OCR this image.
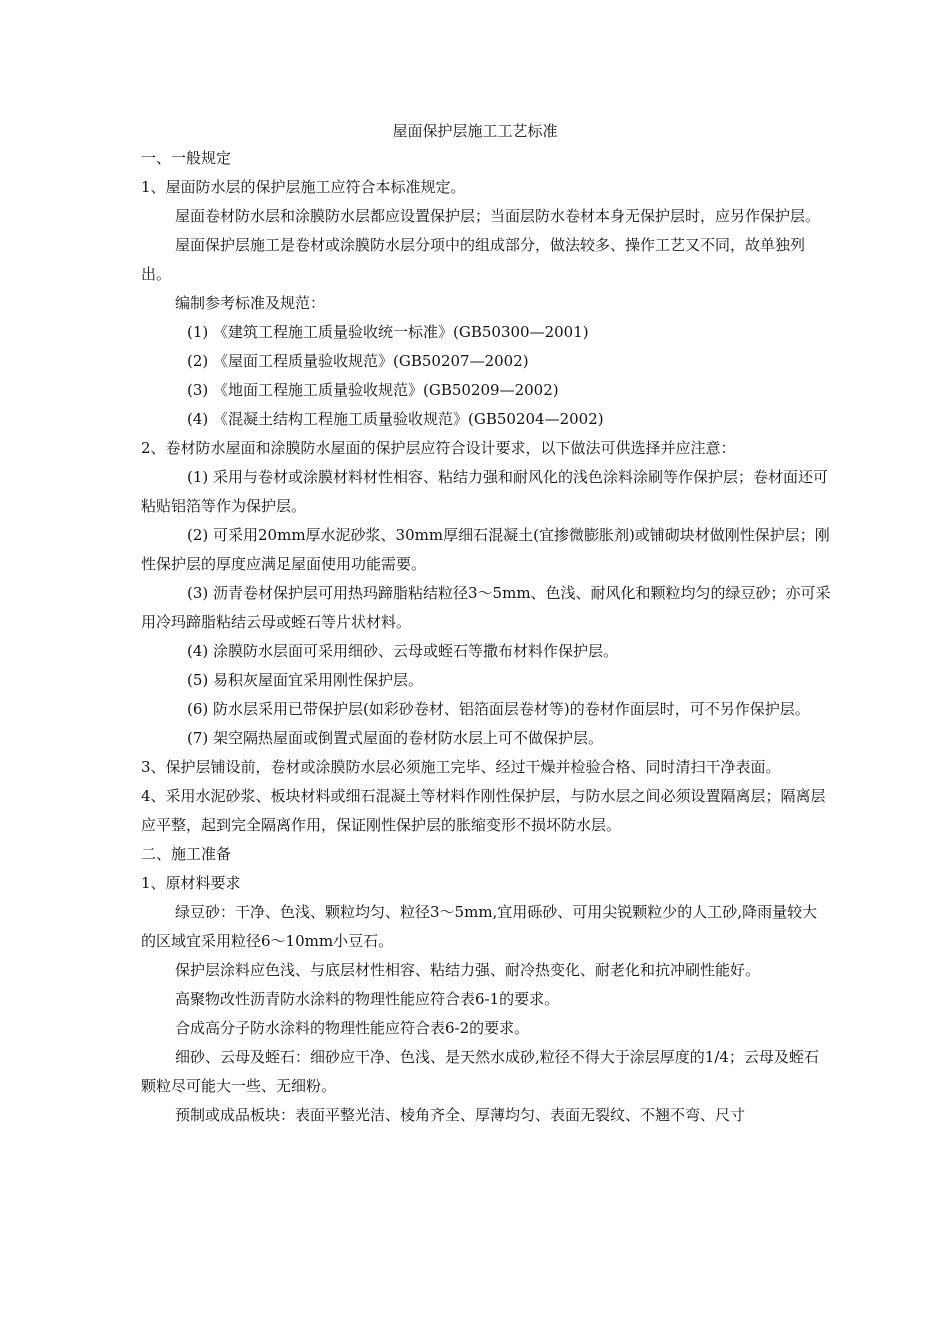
屋面保护层施工工艺标准

一、一般规定

1、屋面防水层的保护层施工应符合本标准规定。

屋面卷材防水层和涂膜防水层都应设置保护层；当面层防水卷材本身无保护层时，应另作保护层。

屋面保护层施工是卷材或涂膜防水层分项中的组成部分，做法较多、操作工艺又不同，故单独列出。

编制参考标准及规范：

(1) 《建筑工程施工质量验收统一标准》(GB50300—2001)

(2) 《屋面工程质量验收规范》(GB50207—2002)

(3) 《地面工程施工质量验收规范》(GB50209—2002)

(4) 《混凝土结构工程施工质量验收规范》(GB50204—2002)

2、卷材防水屋面和涂膜防水屋面的保护层应符合设计要求，以下做法可供选择并应注意：

(1) 采用与卷材或涂膜材料材性相容、粘结力强和耐风化的浅色涂料涂刷等作保护层；卷材面还可粘贴铝箔等作为保护层。

(2) 可采用20mm厚水泥砂浆、30mm厚细石混凝土(宜掺微膨胀剂)或铺砌块材做刚性保护层；刚性保护层的厚度应满足屋面使用功能需要。

(3) 沥青卷材保护层可用热玛蹄脂粘结粒径3～5mm、色浅、耐风化和颗粒均匀的绿豆砂；亦可采用冷玛蹄脂粘结云母或蛭石等片状材料。

(4) 涂膜防水层面可采用细砂、云母或蛭石等撒布材料作保护层。

(5) 易积灰屋面宜采用刚性保护层。

(6) 防水层采用已带保护层(如彩砂卷材、铝箔面层卷材等)的卷材作面层时，可不另作保护层。

(7) 架空隔热屋面或倒置式屋面的卷材防水层上可不做保护层。

3、保护层铺设前，卷材或涂膜防水层必须施工完毕、经过干燥并检验合格、同时清扫干净表面。

4、采用水泥砂浆、板块材料或细石混凝土等材料作刚性保护层，与防水层之间必须设置隔离层；隔离层应平整，起到完全隔离作用，保证刚性保护层的胀缩变形不损坏防水层。

二、施工准备

1、原材料要求

绿豆砂：干净、色浅、颗粒均匀、粒径3～5mm,宜用砾砂、可用尖锐颗粒少的人工砂,降雨量较大的区域宜采用粒径6～10mm小豆石。

保护层涂料应色浅、与底层材性相容、粘结力强、耐冷热变化、耐老化和抗冲刷性能好。

高聚物改性沥青防水涂料的物理性能应符合表6-1的要求。

合成高分子防水涂料的物理性能应符合表6-2的要求。

细砂、云母及蛭石：细砂应干净、色浅、是天然水成砂,粒径不得大于涂层厚度的1/4；云母及蛭石颗粒尽可能大一些、无细粉。

预制或成品板块：表面平整光洁、棱角齐全、厚薄均匀、表面无裂纹、不翘不弯、尺寸
